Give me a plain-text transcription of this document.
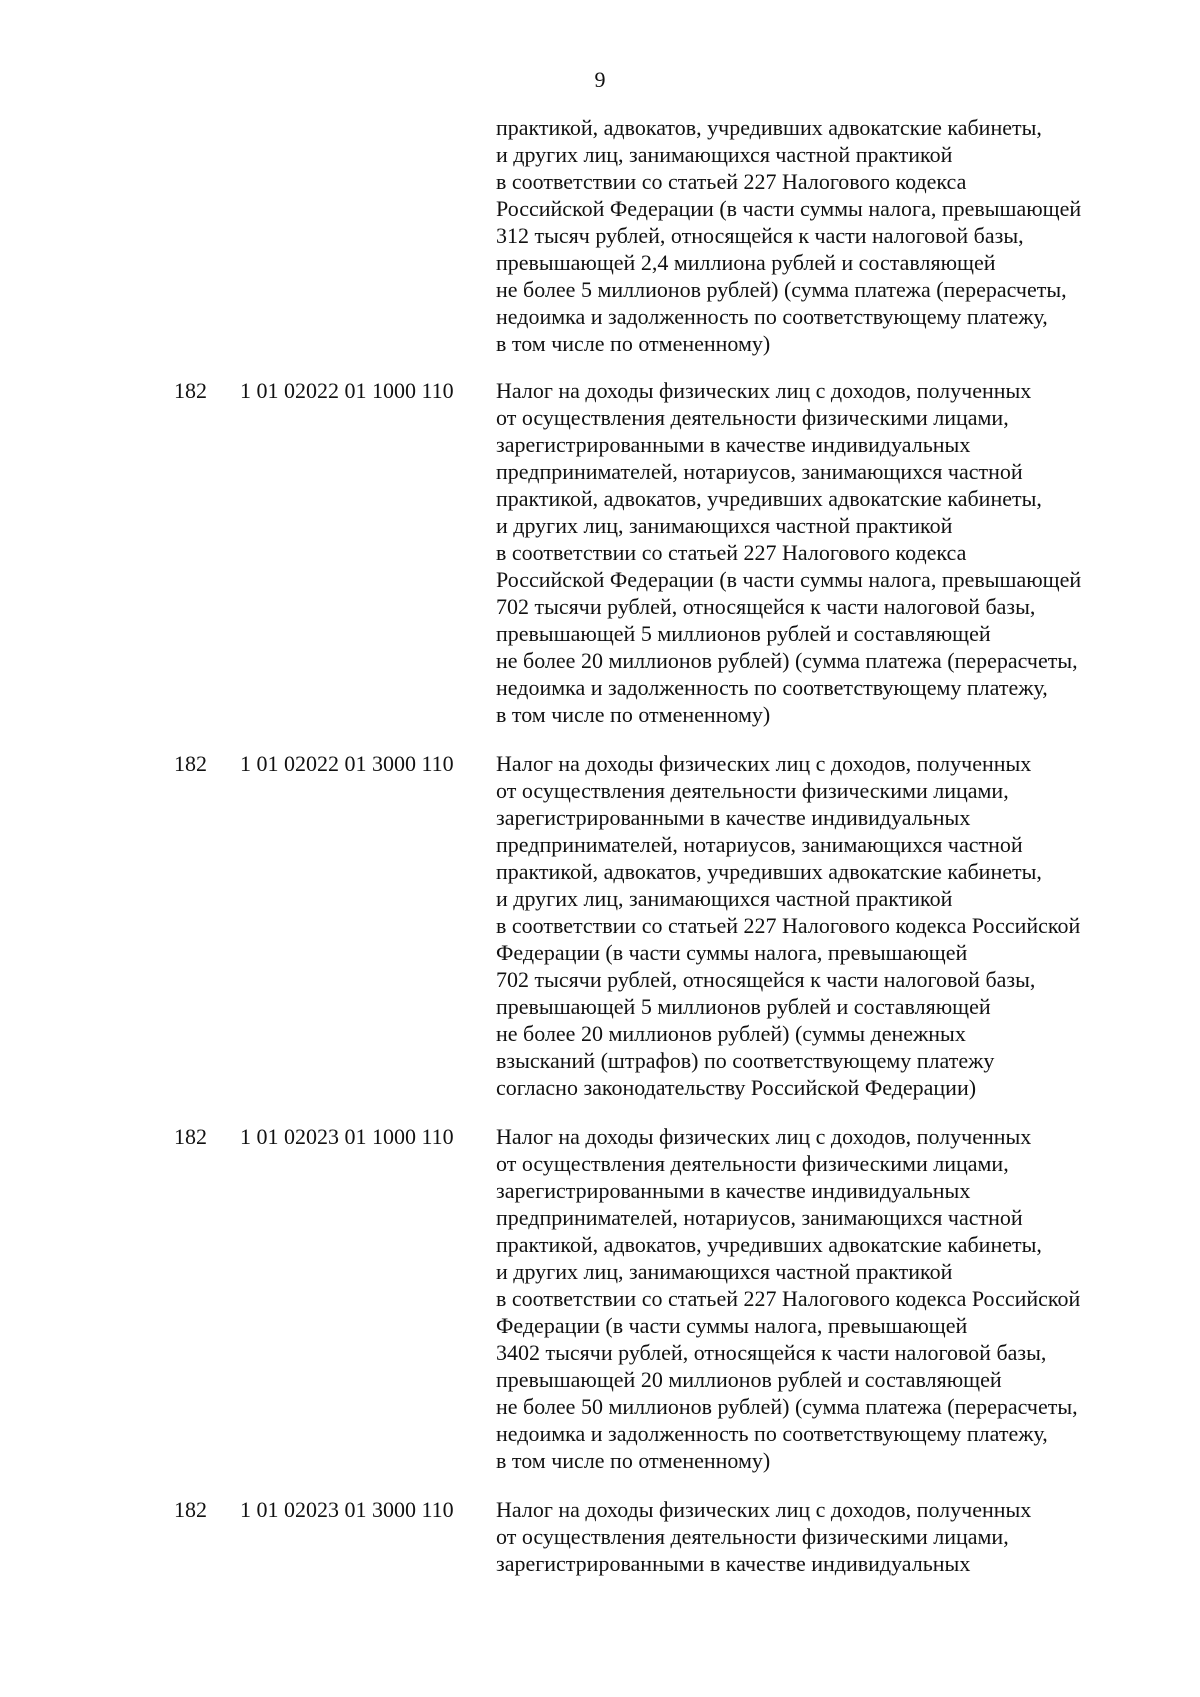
9
практикой, адвокатов, учредивших адвокатские кабинеты,
и других лиц, занимающихся частной практикой
в соответствии со статьей 227 Налогового кодекса
Российской Федерации (в части суммы налога, превышающей
312 тысяч рублей, относящейся к части налоговой базы,
превышающей 2,4 миллиона рублей и составляющей
не более 5 миллионов рублей) (сумма платежа (перерасчеты,
недоимка и задолженность по соответствующему платежу,
в том числе по отмененному)
182 1 01 02022 01 1000 110 Налог на доходы физических лиц с доходов, полученных
от осуществления деятельности физическими лицами,
зарегистрированными в качестве индивидуальных
предпринимателей, нотариусов, занимающихся частной
практикой, адвокатов, учредивших адвокатские кабинеты,
и других лиц, занимающихся частной практикой
в соответствии со статьей 227 Налогового кодекса
Российской Федерации (в части суммы налога, превышающей
702 тысячи рублей, относящейся к части налоговой базы,
превышающей 5 миллионов рублей и составляющей
не более 20 миллионов рублей) (сумма платежа (перерасчеты,
недоимка и задолженность по соответствующему платежу,
в том числе по отмененному)
182 1 01 02022 01 3000 110 Налог на доходы физических лиц с доходов, полученных
от осуществления деятельности физическими лицами,
зарегистрированными в качестве индивидуальных
предпринимателей, нотариусов, занимающихся частной
практикой, адвокатов, учредивших адвокатские кабинеты,
и других лиц, занимающихся частной практикой
в соответствии со статьей 227 Налогового кодекса Российской
Федерации (в части суммы налога, превышающей
702 тысячи рублей, относящейся к части налоговой базы,
превышающей 5 миллионов рублей и составляющей
не более 20 миллионов рублей) (суммы денежных
взысканий (штрафов) по соответствующему платежу
согласно законодательству Российской Федерации)
182 1 01 02023 01 1000 110 Налог на доходы физических лиц с доходов, полученных
от осуществления деятельности физическими лицами,
зарегистрированными в качестве индивидуальных
предпринимателей, нотариусов, занимающихся частной
практикой, адвокатов, учредивших адвокатские кабинеты,
и других лиц, занимающихся частной практикой
в соответствии со статьей 227 Налогового кодекса Российской
Федерации (в части суммы налога, превышающей
3402 тысячи рублей, относящейся к части налоговой базы,
превышающей 20 миллионов рублей и составляющей
не более 50 миллионов рублей) (сумма платежа (перерасчеты,
недоимка и задолженность по соответствующему платежу,
в том числе по отмененному)
182 1 01 02023 01 3000 110 Налог на доходы физических лиц с доходов, полученных
от осуществления деятельности физическими лицами,
зарегистрированными в качестве индивидуальных
